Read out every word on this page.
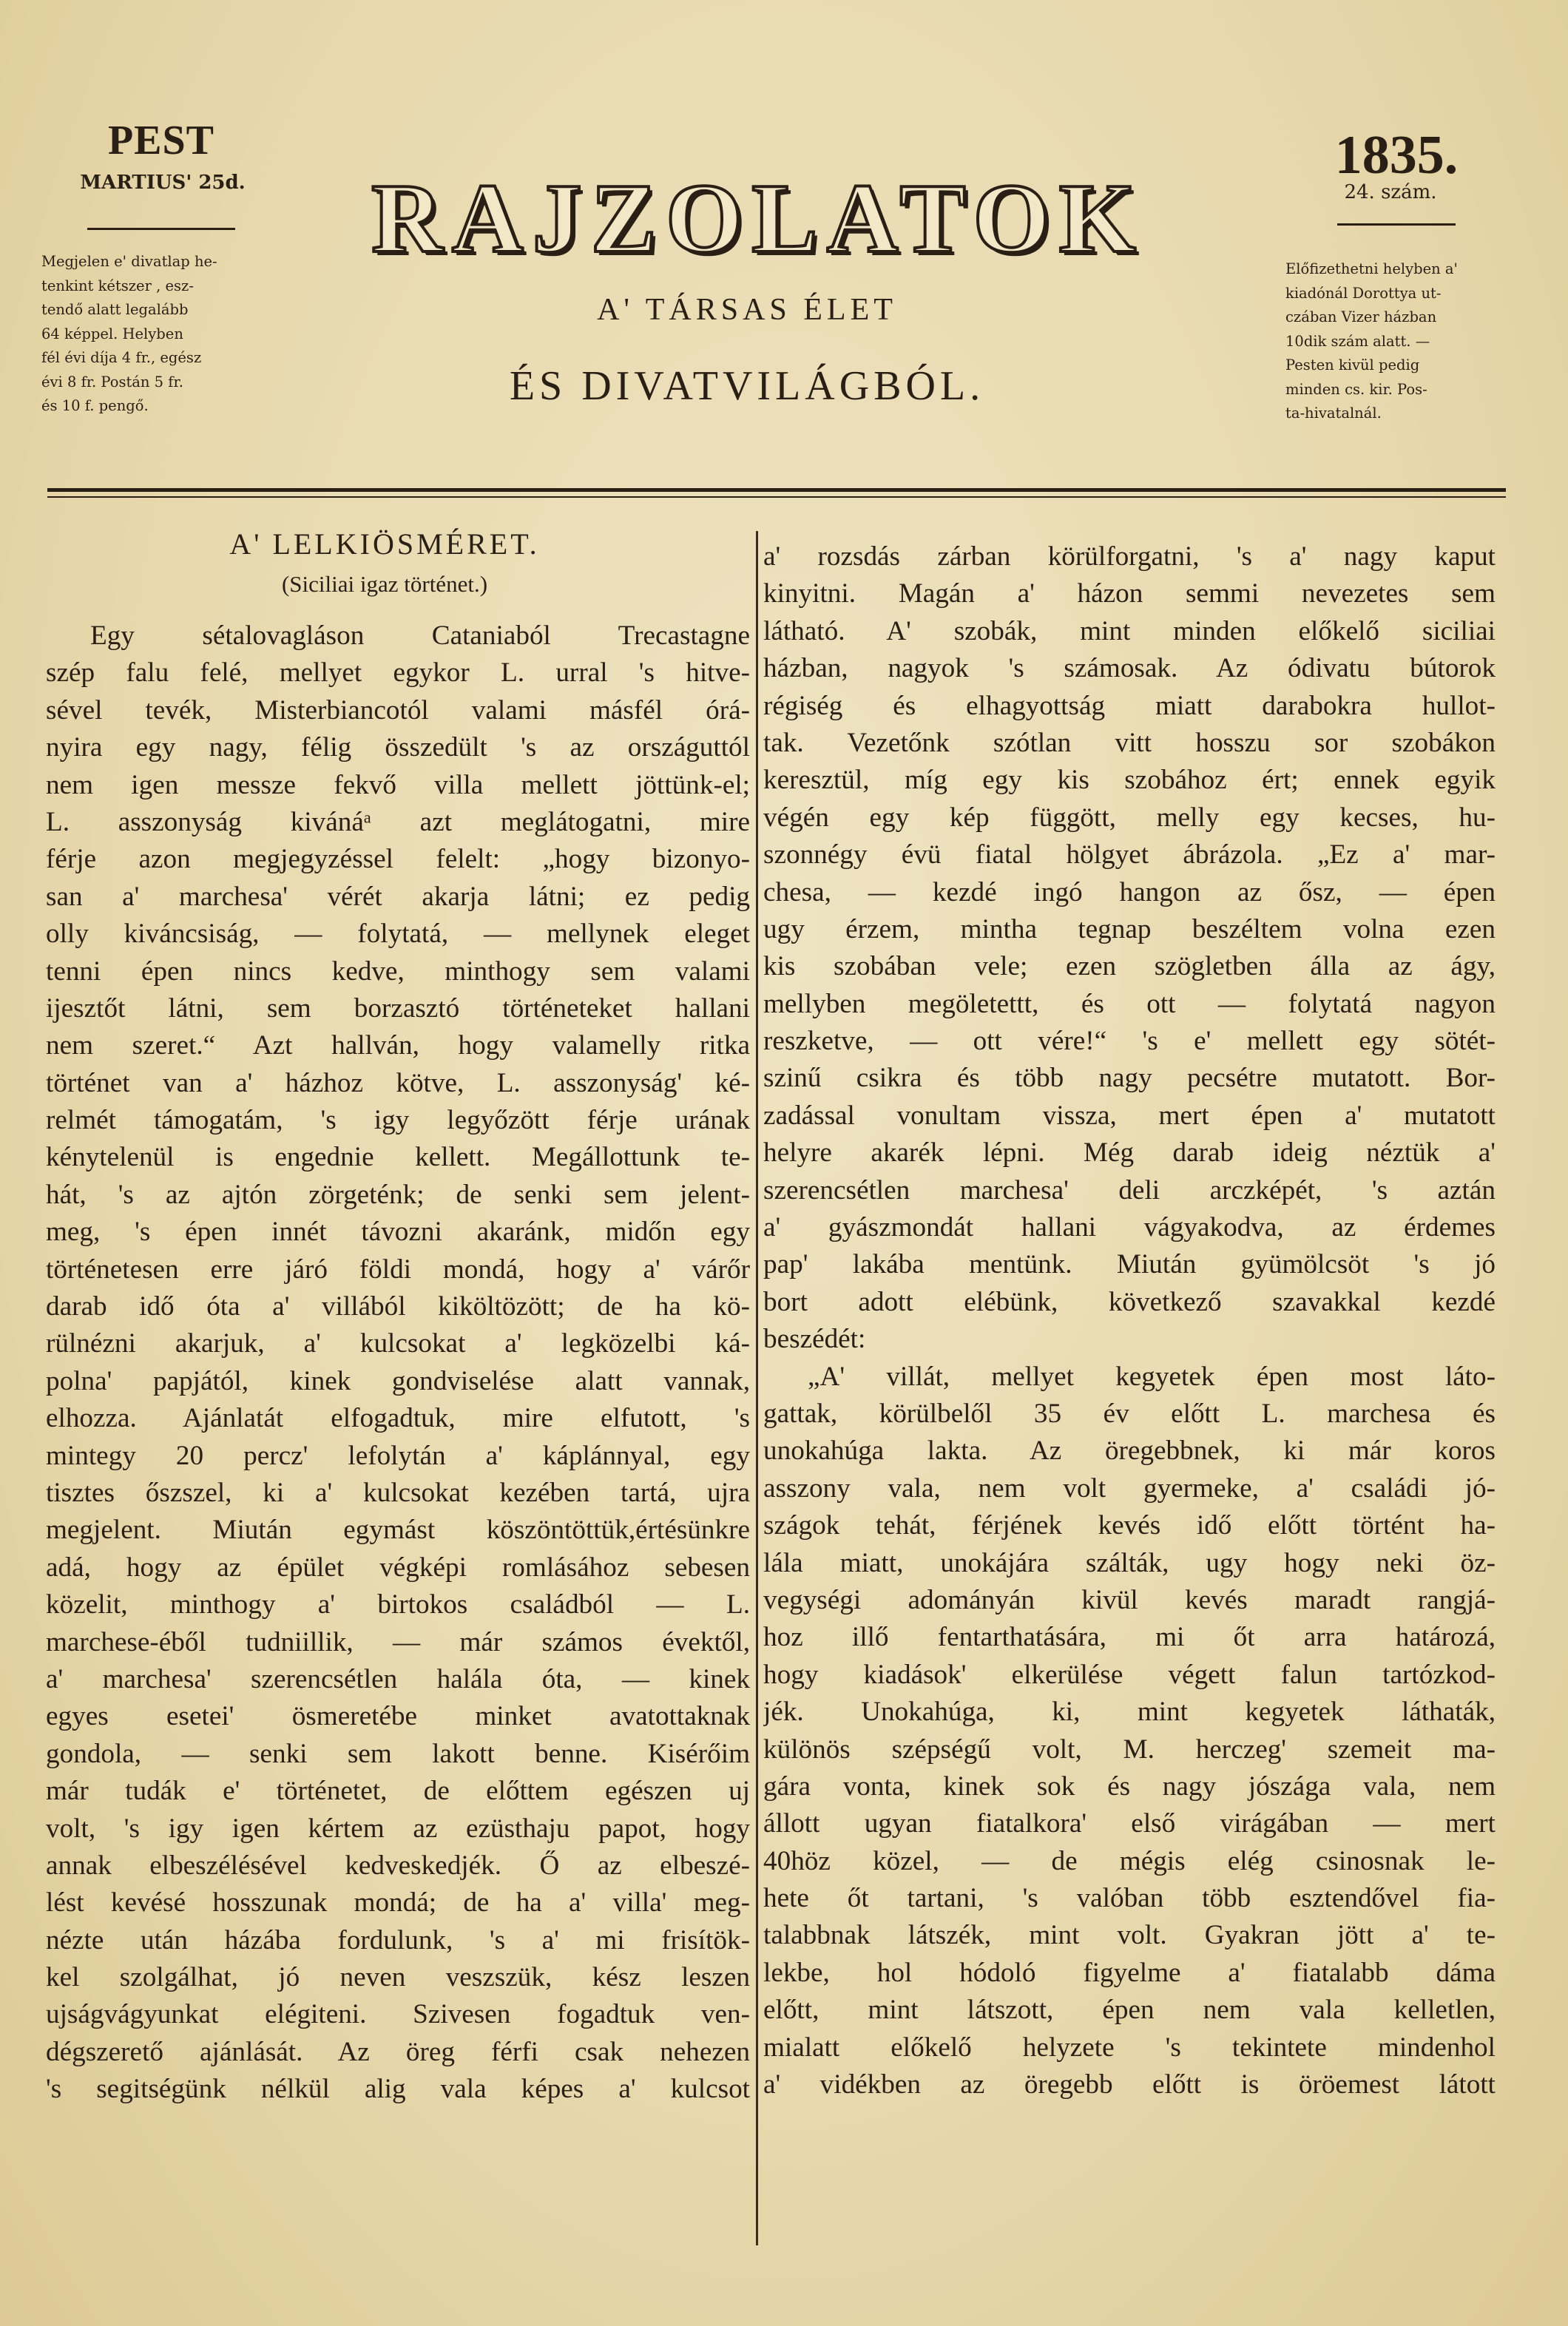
PEST
MARTIUS' 25d.
Megjelen e' divatlap he-
tenkint kétszer , esz-
tendő alatt legalább
64 képpel. Helyben
fél évi díja 4 fr., egész
évi 8 fr. Postán 5 fr.
és 10 f. pengő.
1835.
24. szám.
Előfizethetni helyben a'
kiadónál Dorottya ut-
czában Vizer házban
10dik szám alatt. —
Pesten kivül pedig
minden cs. kir. Pos-
ta-hivatalnál.
RAJZOLATOK
A' TÁRSAS ÉLET
ÉS DIVATVILÁGBÓL.
A' LELKIÖSMÉRET.
(Siciliai igaz történet.)
Egy sétalovagláson Cataniaból Trecastagne
szép falu felé, mellyet egykor L. urral 's hitve-
sével tevék, Misterbiancotól valami másfél órá-
nyira egy nagy, félig összedült 's az országuttól
nem igen messze fekvő villa mellett jöttünk-el;
L. asszonyság kivánáᵃ azt meglátogatni, mire
férje azon megjegyzéssel felelt: „hogy bizonyo-
san a' marchesa' vérét akarja látni; ez pedig
olly kiváncsiság, — folytatá, — mellynek eleget
tenni épen nincs kedve, minthogy sem valami
ijesztőt látni, sem borzasztó történeteket hallani
nem szeret.“ Azt hallván, hogy valamelly ritka
történet van a' házhoz kötve, L. asszonyság' ké-
relmét támogatám, 's igy legyőzött férje urának
kénytelenül is engednie kellett. Megállottunk te-
hát, 's az ajtón zörgeténk; de senki sem jelent-
meg, 's épen innét távozni akaránk, midőn egy
történetesen erre járó földi mondá, hogy a' várőr
darab idő óta a' villából kiköltözött; de ha kö-
rülnézni akarjuk, a' kulcsokat a' legközelbi ká-
polna' papjától, kinek gondviselése alatt vannak,
elhozza. Ajánlatát elfogadtuk, mire elfutott, 's
mintegy 20 percz' lefolytán a' káplánnyal, egy
tisztes őszszel, ki a' kulcsokat kezében tartá, ujra
megjelent. Miután egymást köszöntöttük,értésünkre
adá, hogy az épület végképi romlásához sebesen
közelit, minthogy a' birtokos családból — L.
marchese-éből tudniillik, — már számos évektől,
a' marchesa' szerencsétlen halála óta, — kinek
egyes esetei' ösmeretébe minket avatottaknak
gondola, — senki sem lakott benne. Kisérőim
már tudák e' történetet, de előttem egészen uj
volt, 's igy igen kértem az ezüsthaju papot, hogy
annak elbeszélésével kedveskedjék. Ő az elbeszé-
lést kevésé hosszunak mondá; de ha a' villa' meg-
nézte után házába fordulunk, 's a' mi frisítök-
kel szolgálhat, jó neven veszszük, kész leszen
ujságvágyunkat elégiteni. Szivesen fogadtuk ven-
dégszerető ajánlását. Az öreg férfi csak nehezen
's segitségünk nélkül alig vala képes a' kulcsot
a' rozsdás zárban körülforgatni, 's a' nagy kaput
kinyitni. Magán a' házon semmi nevezetes sem
látható. A' szobák, mint minden előkelő siciliai
házban, nagyok 's számosak. Az ódivatu bútorok
régiség és elhagyottság miatt darabokra hullot-
tak. Vezetőnk szótlan vitt hosszu sor szobákon
keresztül, míg egy kis szobához ért; ennek egyik
végén egy kép függött, melly egy kecses, hu-
szonnégy évü fiatal hölgyet ábrázola. „Ez a' mar-
chesa, — kezdé ingó hangon az ősz, — épen
ugy érzem, mintha tegnap beszéltem volna ezen
kis szobában vele; ezen szögletben álla az ágy,
mellyben megöletettt, és ott — folytatá nagyon
reszketve, — ott vére!“ 's e' mellett egy sötét-
szinű csikra és több nagy pecsétre mutatott. Bor-
zadással vonultam vissza, mert épen a' mutatott
helyre akarék lépni. Még darab ideig néztük a'
szerencsétlen marchesa' deli arczképét, 's aztán
a' gyászmondát hallani vágyakodva, az érdemes
pap' lakába mentünk. Miután gyümölcsöt 's jó
bort adott elébünk, következő szavakkal kezdé
beszédét:
„A' villát, mellyet kegyetek épen most láto-
gattak, körülbelől 35 év előtt L. marchesa és
unokahúga lakta. Az öregebbnek, ki már koros
asszony vala, nem volt gyermeke, a' családi jó-
szágok tehát, férjének kevés idő előtt történt ha-
lála miatt, unokájára szálták, ugy hogy neki öz-
vegységi adományán kivül kevés maradt rangjá-
hoz illő fentarthatására, mi őt arra határozá,
hogy kiadások' elkerülése végett falun tartózkod-
jék. Unokahúga, ki, mint kegyetek láthaták,
különös szépségű volt, M. herczeg' szemeit ma-
gára vonta, kinek sok és nagy jószága vala, nem
állott ugyan fiatalkora' első virágában — mert
40höz közel, — de mégis elég csinosnak le-
hete őt tartani, 's valóban több esztendővel fia-
talabbnak látszék, mint volt. Gyakran jött a' te-
lekbe, hol hódoló figyelme a' fiatalabb dáma
előtt, mint látszott, épen nem vala kelletlen,
mialatt előkelő helyzete 's tekintete mindenhol
a' vidékben az öregebb előtt is öröemest látott
